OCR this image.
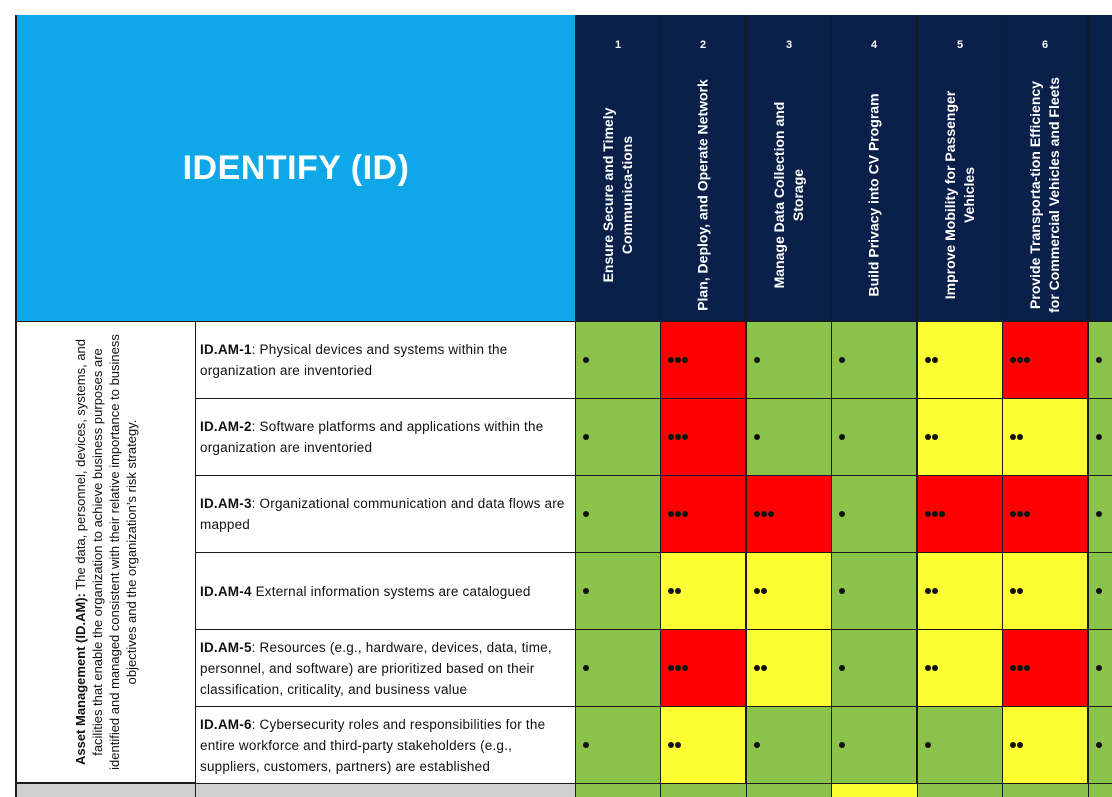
IDENTIFY (ID)
1
Ensure Secure and Timely Communica-tions
2
Plan, Deploy, and Operate Network
3
Manage Data Collection and Storage
4
Build Privacy into CV Program
5
Improve Mobility for Passenger Vehicles
6
Provide Transporta-tion Efficiency for Commercial Vehicles and Fleets
Asset Management (ID.AM): The data, personnel, devices, systems, and facilities that enable the organization to achieve business purposes are identified and managed consistent with their relative importance to business objectives and the organization’s risk strategy.
ID.AM-1: Physical devices and systems within the organization are inventoried
ID.AM-2: Software platforms and applications within the organization are inventoried
ID.AM-3: Organizational communication and data flows are mapped
ID.AM-4 External information systems are catalogued
ID.AM-5: Resources (e.g., hardware, devices, data, time, personnel, and software) are prioritized based on their classification, criticality, and business value
ID.AM-6: Cybersecurity roles and responsibilities for the entire workforce and third-party stakeholders (e.g., suppliers, customers, partners) are established
